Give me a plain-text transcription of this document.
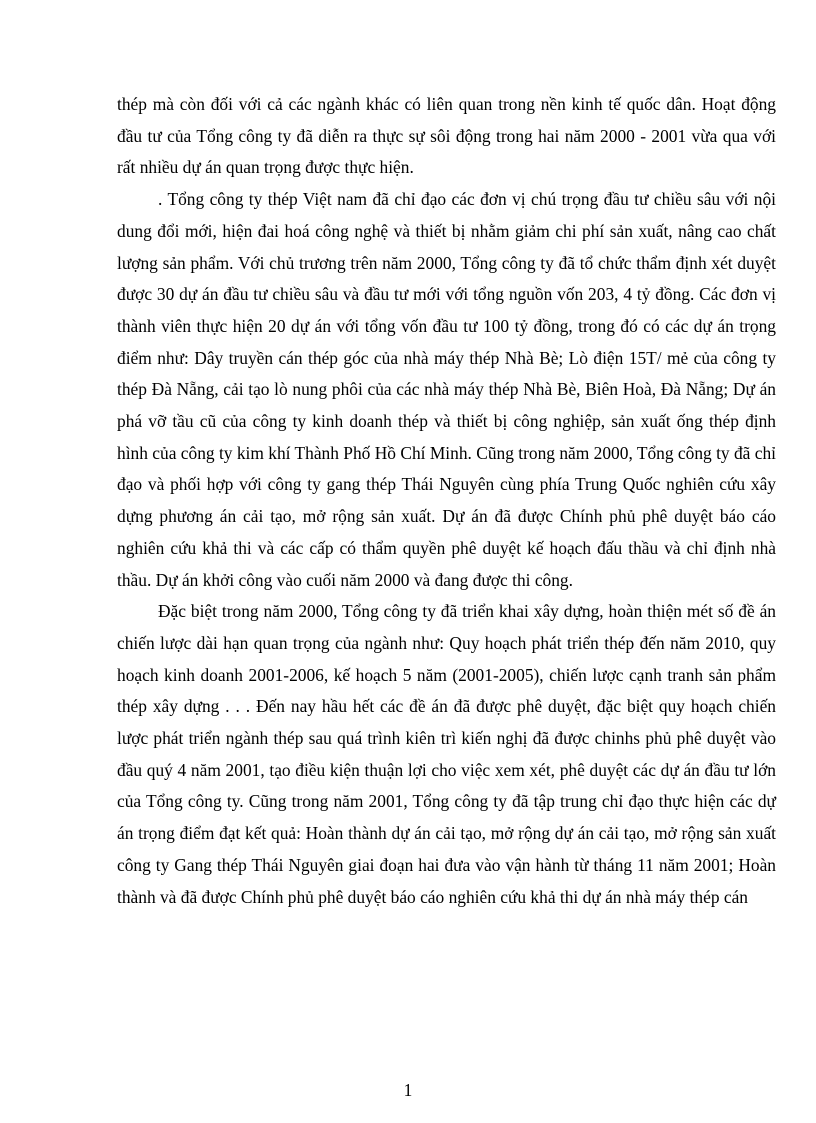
thép mà còn đối với cả các ngành khác có liên quan trong nền kinh tế quốc dân. Hoạt động đầu tư của Tổng công ty đã diễn ra thực sự sôi động trong hai năm 2000 - 2001 vừa qua với rất nhiều dự án quan trọng được thực hiện.

. Tổng công ty thép Việt nam đã chỉ đạo các đơn vị chú trọng đầu tư chiều sâu với nội dung đổi mới, hiện đai hoá công nghệ và thiết bị nhằm giảm chi phí sản xuất, nâng cao chất lượng sản phẩm. Với chủ trương trên năm 2000, Tổng công ty đã tổ chức thẩm định xét duyệt được 30 dự án đầu tư chiều sâu và đầu tư mới với tổng nguồn vốn 203, 4 tỷ đồng. Các đơn vị thành viên thực hiện 20 dự án với tổng vốn đầu tư 100 tỷ đồng, trong đó có các dự án trọng điểm như: Dây truyền cán thép góc của nhà máy thép Nhà Bè; Lò điện 15T/ mẻ của công ty thép Đà Nẵng, cải tạo lò nung phôi của các nhà máy thép Nhà Bè, Biên Hoà, Đà Nẵng; Dự án phá vỡ tầu cũ của công ty kinh doanh thép và thiết bị công nghiệp, sản xuất ống thép định hình của công ty kim khí Thành Phố Hồ Chí Minh. Cũng trong năm 2000, Tổng công ty đã chỉ đạo và phối hợp với công ty gang thép Thái Nguyên cùng phía Trung Quốc nghiên cứu xây dựng phương án cải tạo, mở rộng sản xuất. Dự án đã được Chính phủ phê duyệt báo cáo nghiên cứu khả thi và các cấp có thẩm quyền phê duyệt kế hoạch đấu thầu và chỉ định nhà thầu. Dự án khởi công vào cuối năm 2000 và đang được thi công.

Đặc biệt trong năm 2000, Tổng công ty đã triển khai xây dựng, hoàn thiện mét số đề án chiến lược dài hạn quan trọng của ngành như: Quy hoạch phát triển thép đến năm 2010, quy hoạch kinh doanh 2001-2006, kế hoạch 5 năm (2001-2005), chiến lược cạnh tranh sản phẩm thép xây dựng . . . Đến nay hầu hết các đề án đã được phê duyệt, đặc biệt quy hoạch chiến lược phát triển ngành thép sau quá trình kiên trì kiến nghị đã được chinhs phủ phê duyệt vào đầu quý 4 năm 2001, tạo điều kiện thuận lợi cho việc xem xét, phê duyệt các dự án đầu tư lớn của Tổng công ty. Cũng trong năm 2001, Tổng công ty đã tập trung chỉ đạo thực hiện các dự án trọng điểm đạt kết quả: Hoàn thành dự án cải tạo, mở rộng dự án cải tạo, mở rộng sản xuất công ty Gang thép Thái Nguyên giai đoạn hai đưa vào vận hành từ tháng 11 năm 2001; Hoàn thành và đã được Chính phủ phê duyệt báo cáo nghiên cứu khả thi dự án nhà máy thép cán

1
